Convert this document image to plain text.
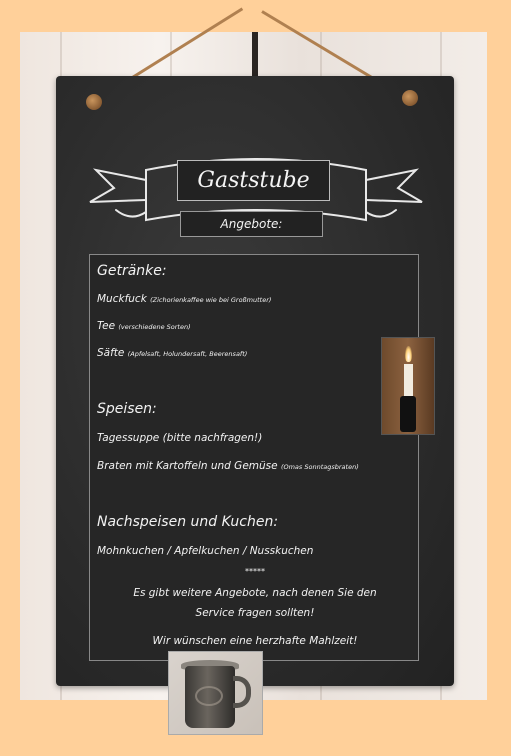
Gaststube
Angebote:
Getränke:
Muckfuck (Zichorienkaffee wie bei Großmutter)
Tee (verschiedene Sorten)
Säfte (Apfelsaft, Holundersaft, Beerensaft)
Speisen:
Tagessuppe (bitte nachfragen!)
Braten mit Kartoffeln und Gemüse (Omas Sonntagsbraten)
Nachspeisen und Kuchen:
Mohnkuchen / Apfelkuchen / Nusskuchen
*****
Es gibt weitere Angebote, nach denen Sie den
Service fragen sollten!
Wir wünschen eine herzhafte Mahlzeit!
